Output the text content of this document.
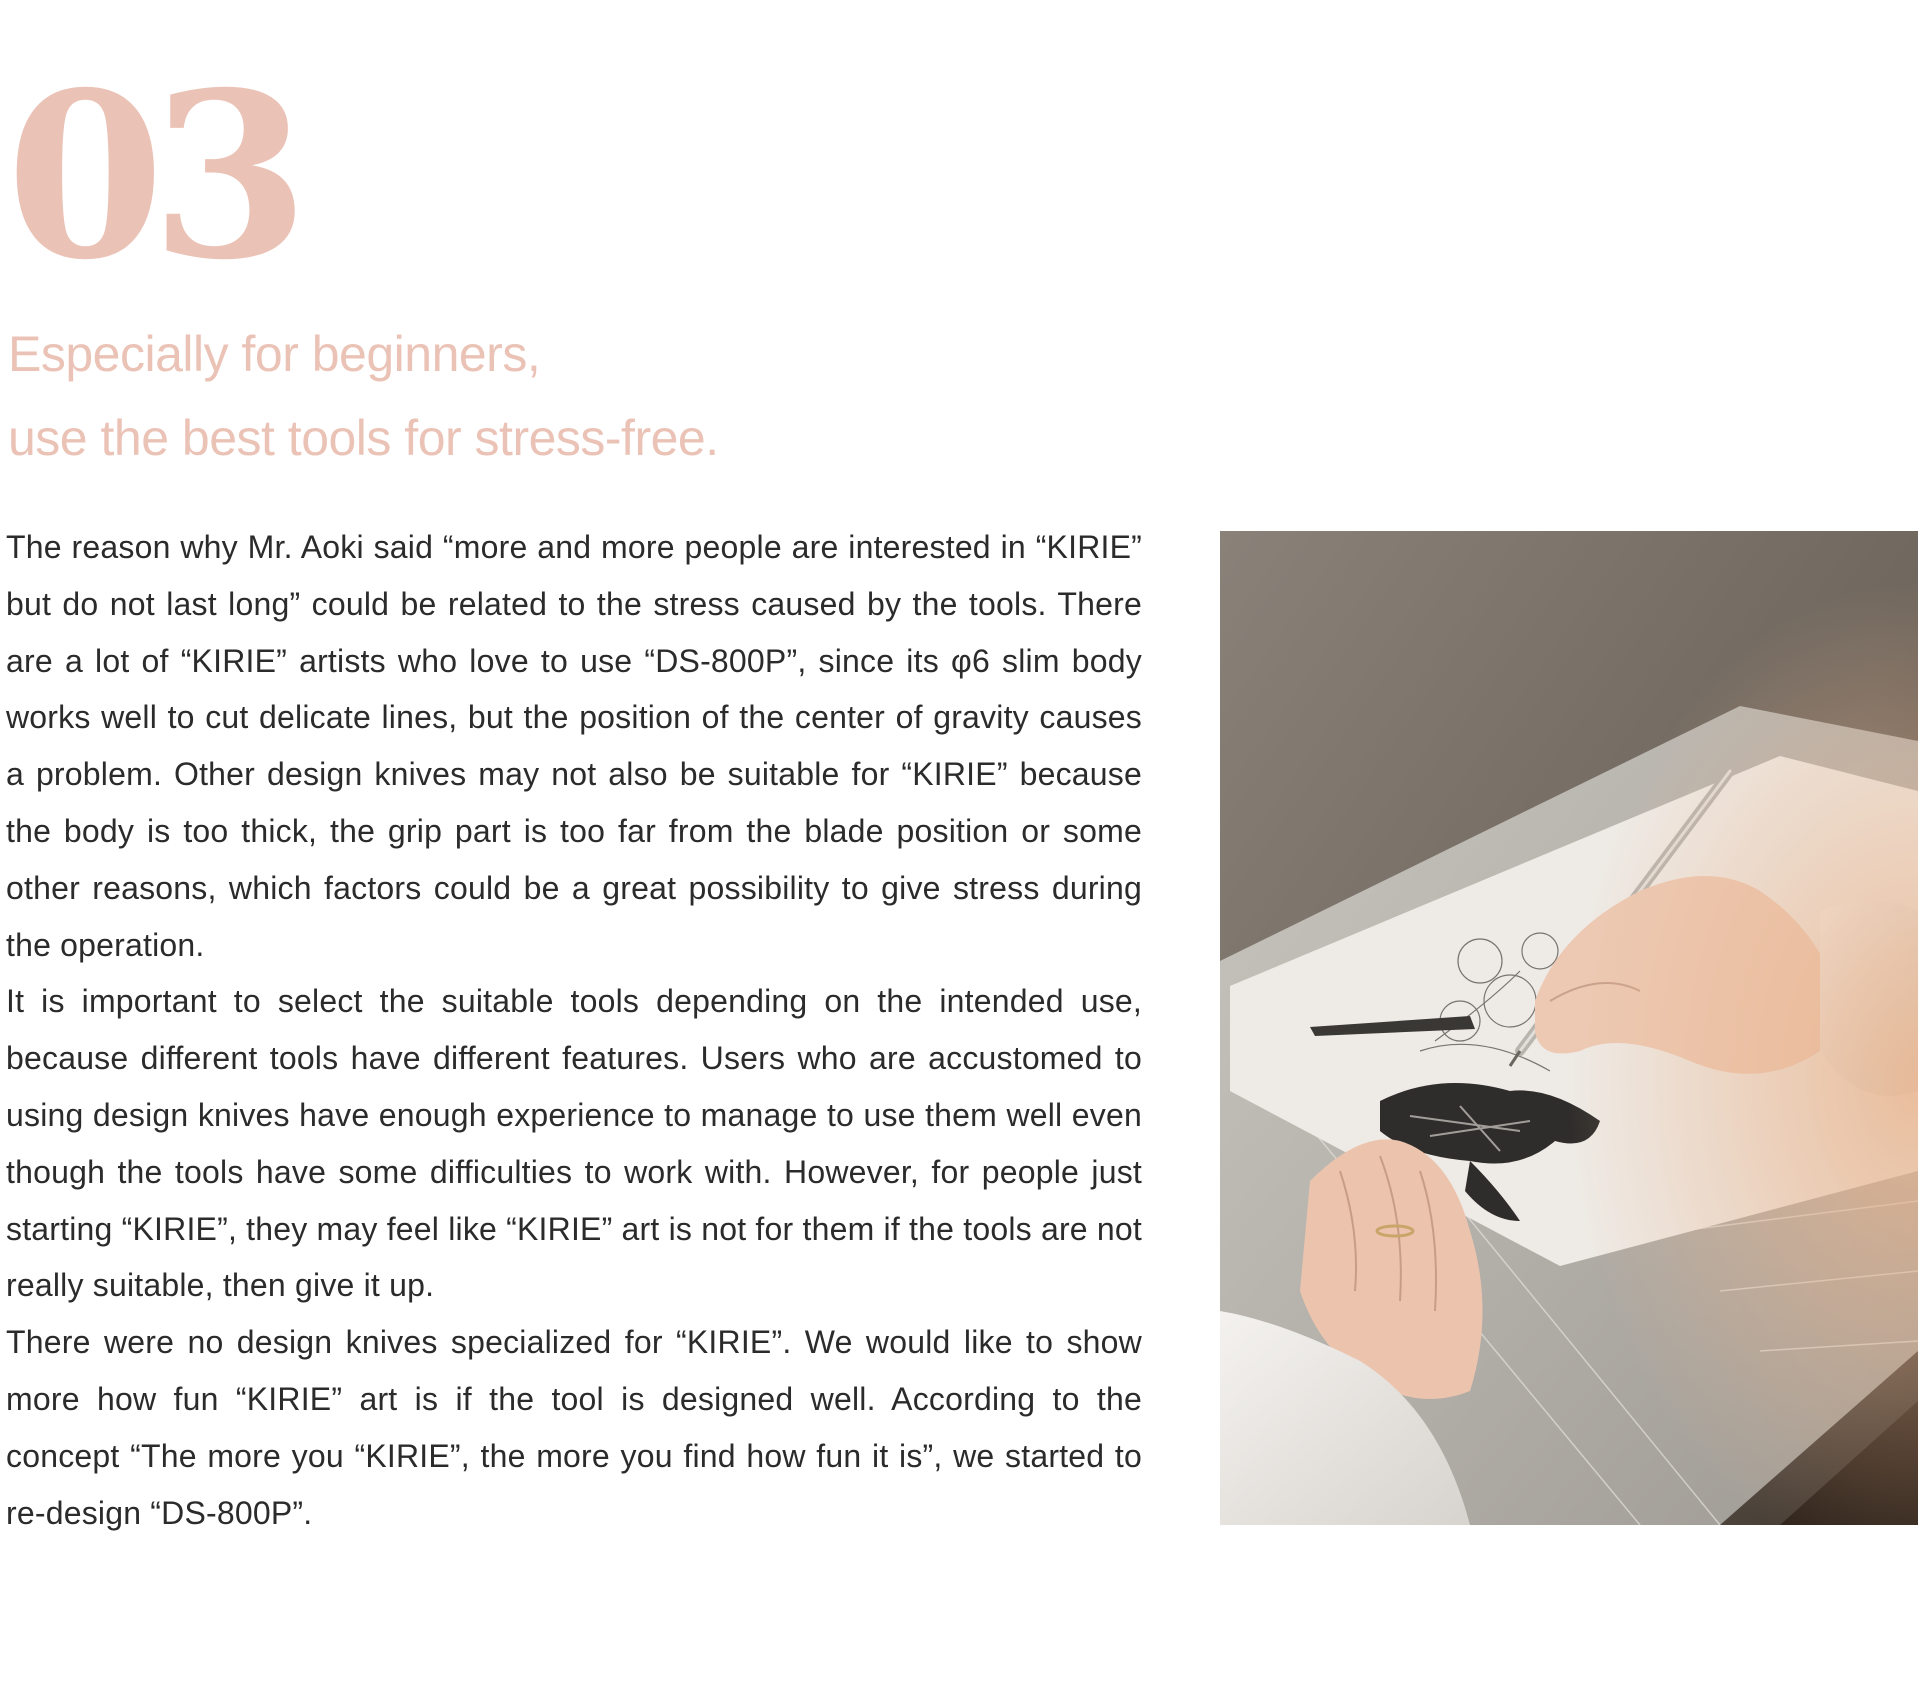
03
Especially for beginners,
use the best tools for stress-free.

The reason why Mr. Aoki said “more and more people are interested in “KIRIE” but do not last long” could be related to the stress caused by the tools. There are a lot of “KIRIE” artists who love to use “DS-800P”, since its φ6 slim body works well to cut delicate lines, but the position of the center of gravity causes a problem. Other design knives may not also be suitable for “KIRIE” because the body is too thick, the grip part is too far from the blade position or some other reasons, which factors could be a great possibility to give stress during the operation.

It is important to select the suitable tools depending on the intended use, because different tools have different features. Users who are accustomed to using design knives have enough experience to manage to use them well even though the tools have some difficulties to work with. However, for people just starting “KIRIE”, they may feel like “KIRIE” art is not for them if the tools are not really suitable, then give it up.

There were no design knives specialized for “KIRIE”. We would like to show more how fun “KIRIE” art is if the tool is designed well. According to the concept “The more you “KIRIE”, the more you find how fun it is”, we started to re-design “DS-800P”.
